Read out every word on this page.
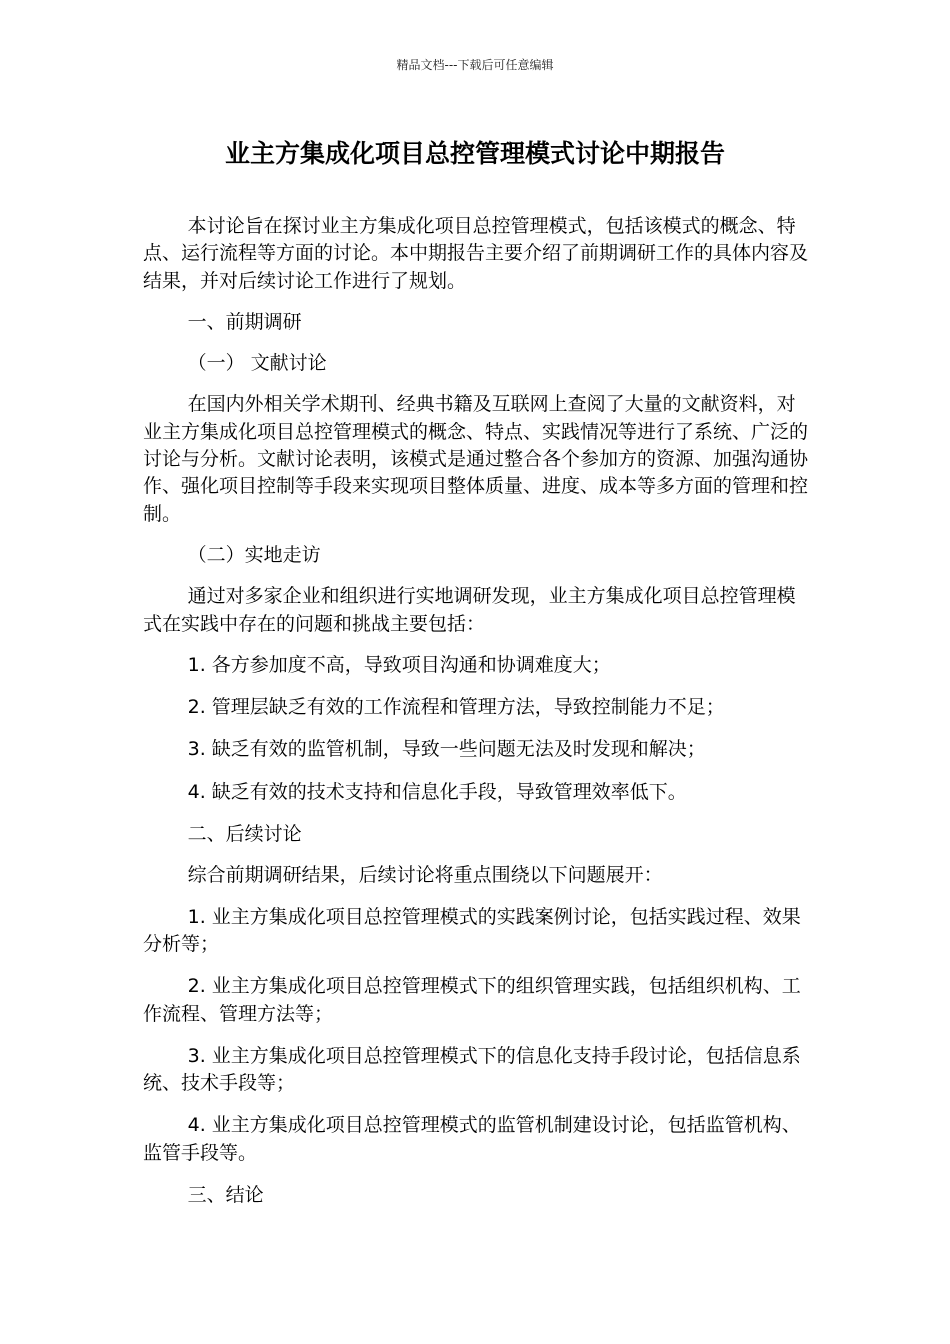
精品文档---下载后可任意编辑
业主方集成化项目总控管理模式讨论中期报告

本讨论旨在探讨业主方集成化项目总控管理模式，包括该模式的概念、特点、运行流程等方面的讨论。本中期报告主要介绍了前期调研工作的具体内容及结果，并对后续讨论工作进行了规划。

一、前期调研

（一） 文献讨论

在国内外相关学术期刊、经典书籍及互联网上查阅了大量的文献资料，对业主方集成化项目总控管理模式的概念、特点、实践情况等进行了系统、广泛的讨论与分析。文献讨论表明，该模式是通过整合各个参加方的资源、加强沟通协作、强化项目控制等手段来实现项目整体质量、进度、成本等多方面的管理和控制。

（二）实地走访

通过对多家企业和组织进行实地调研发现，业主方集成化项目总控管理模式在实践中存在的问题和挑战主要包括：

1. 各方参加度不高，导致项目沟通和协调难度大；

2. 管理层缺乏有效的工作流程和管理方法，导致控制能力不足；

3. 缺乏有效的监管机制，导致一些问题无法及时发现和解决；

4. 缺乏有效的技术支持和信息化手段，导致管理效率低下。

二、后续讨论

综合前期调研结果，后续讨论将重点围绕以下问题展开：

1. 业主方集成化项目总控管理模式的实践案例讨论，包括实践过程、效果分析等；

2. 业主方集成化项目总控管理模式下的组织管理实践，包括组织机构、工作流程、管理方法等；

3. 业主方集成化项目总控管理模式下的信息化支持手段讨论，包括信息系统、技术手段等；

4. 业主方集成化项目总控管理模式的监管机制建设讨论，包括监管机构、监管手段等。

三、结论
